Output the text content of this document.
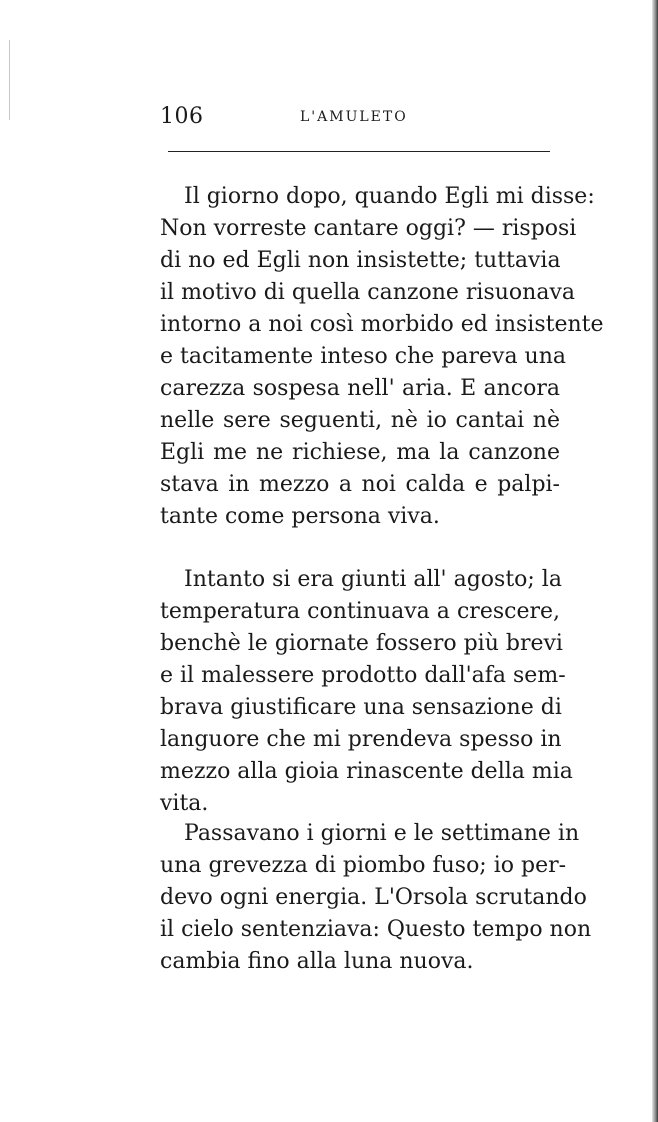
106	L'AMULETO
Il giorno dopo, quando Egli mi disse:
Non vorreste cantare oggi? — risposi
di no ed Egli non insistette; tuttavia
il motivo di quella canzone risuonava
intorno a noi così morbido ed insistente
e tacitamente inteso che pareva una
carezza sospesa nell' aria. E ancora
nelle sere seguenti, nè io cantai nè
Egli me ne richiese, ma la canzone
stava in mezzo a noi calda e palpi-
tante come persona viva.
Intanto si era giunti all' agosto; la
temperatura continuava a crescere,
benchè le giornate fossero più brevi
e il malessere prodotto dall'afa sem-
brava giustificare una sensazione di
languore che mi prendeva spesso in
mezzo alla gioia rinascente della mia
vita.
Passavano i giorni e le settimane in
una grevezza di piombo fuso; io per-
devo ogni energia. L'Orsola scrutando
il cielo sentenziava: Questo tempo non
cambia fino alla luna nuova.
